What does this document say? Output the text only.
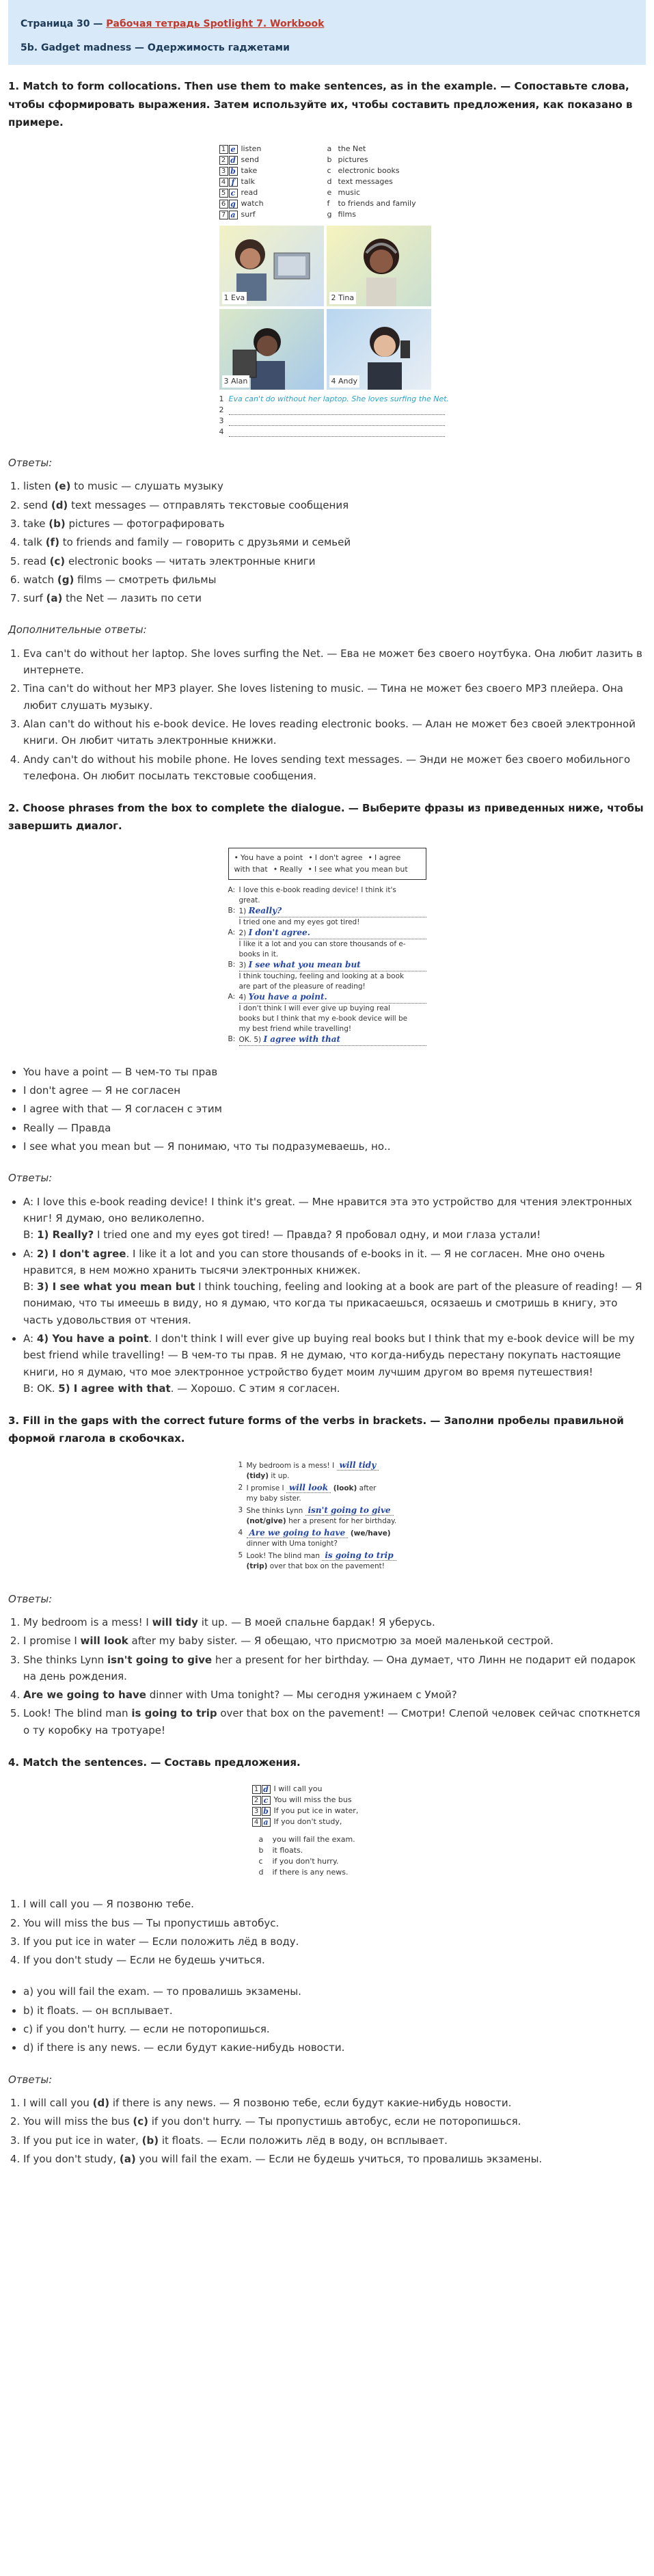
Страница 30 — Рабочая тетрадь Spotlight 7. Workbook
5b. Gadget madness — Одержимость гаджетами
1. Match to form collocations. Then use them to make sentences, as in the example. — Сопоставьте слова, чтобы сформировать выражения. Затем используйте их, чтобы составить предложения, как показано в примере.
1 e listen
2 d send
3 b take
4 f talk
5 c read
6 g watch
7 a surf
a the Net
b pictures
c electronic books
d text messages
e music
f to friends and family
g films
1 Eva	2 Tina
3 Alan	4 Andy
1 Eva can't do without her laptop. She loves surfing the Net.
2
3
4
Ответы:
1. listen (e) to music — слушать музыку
2. send (d) text messages — отправлять текстовые сообщения
3. take (b) pictures — фотографировать
4. talk (f) to friends and family — говорить с друзьями и семьей
5. read (c) electronic books — читать электронные книги
6. watch (g) films — смотреть фильмы
7. surf (a) the Net — лазить по сети
Дополнительные ответы:
1. Eva can't do without her laptop. She loves surfing the Net. — Ева не может без своего ноутбука. Она любит лазить в интернете.
2. Tina can't do without her MP3 player. She loves listening to music. — Тина не может без своего MP3 плейера. Она любит слушать музыку.
3. Alan can't do without his e-book device. He loves reading electronic books. — Алан не может без своей электронной книги. Он любит читать электронные книжки.
4. Andy can't do without his mobile phone. He loves sending text messages. — Энди не может без своего мобильного телефона. Он любит посылать текстовые сообщения.
2. Choose phrases from the box to complete the dialogue. — Выберите фразы из приведенных ниже, чтобы завершить диалог.
• You have a point • I don't agree • I agree
with that • Really • I see what you mean but
A: I love this e-book reading device! I think it's
great.
B: 1) Really?
I tried one and my eyes got tired!
A: 2) I don't agree.
I like it a lot and you can store thousands of e-
books in it.
B: 3) I see what you mean but
I think touching, feeling and looking at a book
are part of the pleasure of reading!
A: 4) You have a point.
I don't think I will ever give up buying real
books but I think that my e-book device will be
my best friend while travelling!
B: OK. 5) I agree with that
• You have a point — В чем-то ты прав
• I don't agree — Я не согласен
• I agree with that — Я согласен с этим
• Really — Правда
• I see what you mean but — Я понимаю, что ты подразумеваешь, но..
Ответы:
• A: I love this e-book reading device! I think it's great. — Мне нравится эта это устройство для чтения электронных книг! Я думаю, оно великолепно.
B: 1) Really? I tried one and my eyes got tired! — Правда? Я пробовал одну, и мои глаза устали!
• A: 2) I don't agree. I like it a lot and you can store thousands of e-books in it. — Я не согласен. Мне оно очень нравится, в нем можно хранить тысячи электронных книжек.
B: 3) I see what you mean but I think touching, feeling and looking at a book are part of the pleasure of reading! — Я понимаю, что ты имеешь в виду, но я думаю, что когда ты прикасаешься, осязаешь и смотришь в книгу, это часть удовольствия от чтения.
• A: 4) You have a point. I don't think I will ever give up buying real books but I think that my e-book device will be my best friend while travelling! — В чем-то ты прав. Я не думаю, что когда-нибудь перестану покупать настоящие книги, но я думаю, что мое электронное устройство будет моим лучшим другом во время путешествия!
B: OK. 5) I agree with that. — Хорошо. С этим я согласен.
3. Fill in the gaps with the correct future forms of the verbs in brackets. — Заполни пробелы правильной формой глагола в скобочках.
1 My bedroom is a mess! I will tidy
(tidy) it up.
2 I promise I will look (look) after
my baby sister.
3 She thinks Lynn isn't going to give
(not/give) her a present for her birthday.
4 Are we going to have (we/have)
dinner with Uma tonight?
5 Look! The blind man is going to trip
(trip) over that box on the pavement!
Ответы:
1. My bedroom is a mess! I will tidy it up. — В моей спальне бардак! Я уберусь.
2. I promise I will look after my baby sister. — Я обещаю, что присмотрю за моей маленькой сестрой.
3. She thinks Lynn isn't going to give her a present for her birthday. — Она думает, что Линн не подарит ей подарок на день рождения.
4. Are we going to have dinner with Uma tonight? — Мы сегодня ужинаем с Умой?
5. Look! The blind man is going to trip over that box on the pavement! — Смотри! Слепой человек сейчас споткнется о ту коробку на тротуаре!
4. Match the sentences. — Составь предложения.
1 d I will call you
2 c You will miss the bus
3 b If you put ice in water,
4 a If you don't study,
a you will fail the exam.
b it floats.
c if you don't hurry.
d if there is any news.
1. I will call you — Я позвоню тебе.
2. You will miss the bus — Ты пропустишь автобус.
3. If you put ice in water — Если положить лёд в воду.
4. If you don't study — Если не будешь учиться.
• a) you will fail the exam. — то провалишь экзамены.
• b) it floats. — он всплывает.
• c) if you don't hurry. — если не поторопишься.
• d) if there is any news. — если будут какие-нибудь новости.
Ответы:
1. I will call you (d) if there is any news. — Я позвоню тебе, если будут какие-нибудь новости.
2. You will miss the bus (c) if you don't hurry. — Ты пропустишь автобус, если не поторопишься.
3. If you put ice in water, (b) it floats. — Если положить лёд в воду, он всплывает.
4. If you don't study, (a) you will fail the exam. — Если не будешь учиться, то провалишь экзамены.
